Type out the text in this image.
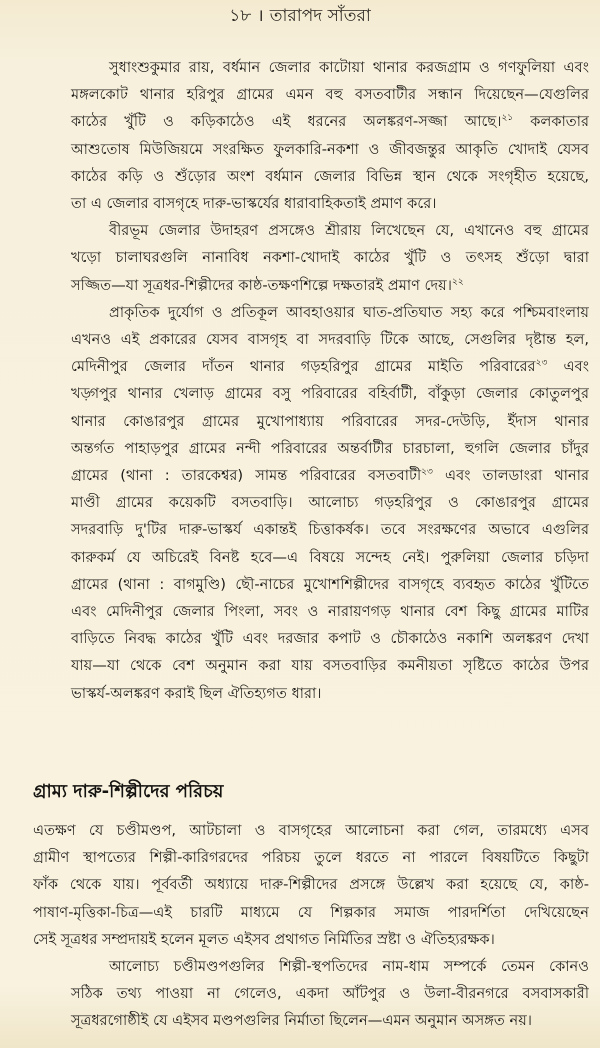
১৮ । তারাপদ সাঁতরা

সুধাংশুকুমার রায়, বর্ধমান জেলার কাটোয়া থানার করজগ্রাম ও গণফুলিয়া এবং
মঙ্গলকোট থানার হরিপুর গ্রামের এমন বহু বসতবাটীর সন্ধান দিয়েছেন—যেগুলির
কাঠের খুঁটি ও কড়িকাঠেও এই ধরনের অলঙ্করণ-সজ্জা আছে।$^{২১}$ কলকাতার
আশুতোষ মিউজিয়মে সংরক্ষিত ফুলকারি-নকশা ও জীবজন্তুর আকৃতি খোদাই যেসব
কাঠের কড়ি ও শুঁড়োর অংশ বর্ধমান জেলার বিভিন্ন স্থান থেকে সংগৃহীত হয়েছে,
তা এ জেলার বাসগৃহে দারু-ভাস্কর্যের ধারাবাহিকতাই প্রমাণ করে।

বীরভূম জেলার উদাহরণ প্রসঙ্গেও শ্রীরায় লিখেছেন যে, এখানেও বহু গ্রামের
খড়ো চালাঘরগুলি নানাবিধ নকশা-খোদাই কাঠের খুঁটি ও তৎসহ শুঁড়ো দ্বারা
সজ্জিত—যা সূত্রধর-শিল্পীদের কাষ্ঠ-তক্ষণশিল্পে দক্ষতারই প্রমাণ দেয়।$^{২২}$

প্রাকৃতিক দুর্যোগ ও প্রতিকূল আবহাওয়ার ঘাত-প্রতিঘাত সহ্য করে পশ্চিমবাংলায়
এখনও এই প্রকারের যেসব বাসগৃহ বা সদরবাড়ি টিকে আছে, সেগুলির দৃষ্টান্ত হল,
মেদিনীপুর জেলার দাঁতন থানার গড়হরিপুর গ্রামের মাইতি পরিবারের$^{২৩}$ এবং
খড়্গপুর থানার খেলাড় গ্রামের বসু পরিবারের বহির্বাটী, বাঁকুড়া জেলার কোতুলপুর
থানার কোঙারপুর গ্রামের মুখোপাধ্যায় পরিবারের সদর-দেউড়ি, ইঁদাস থানার
অন্তর্গত পাহাড়পুর গ্রামের নন্দী পরিবারের অন্তর্বাটীর চারচালা, হুগলি জেলার চাঁদুর
গ্রামের (থানা : তারকেশ্বর) সামন্ত পরিবারের বসতবাটী$^{২৩}$ এবং তালডাংরা থানার
মাণ্ডী গ্রামের কয়েকটি বসতবাড়ি। আলোচ্য গড়হরিপুর ও কোঙারপুর গ্রামের
সদরবাড়ি দু'টির দারু-ভাস্কর্য একান্তই চিত্তাকর্ষক। তবে সংরক্ষণের অভাবে এগুলির
কারুকর্ম যে অচিরেই বিনষ্ট হবে—এ বিষয়ে সন্দেহ নেই। পুরুলিয়া জেলার চড়িদা
গ্রামের (থানা : বাগমুণ্ডি) ছৌ-নাচের মুখোশশিল্পীদের বাসগৃহে ব্যবহৃত কাঠের খুঁটিতে
এবং মেদিনীপুর জেলার পিংলা, সবং ও নারায়ণগড় থানার বেশ কিছু গ্রামের মাটির
বাড়িতে নিবদ্ধ কাঠের খুঁটি এবং দরজার কপাট ও চৌকাঠেও নকাশি অলঙ্করণ দেখা
যায়—যা থেকে বেশ অনুমান করা যায় বসতবাড়ির কমনীয়তা সৃষ্টিতে কাঠের উপর
ভাস্কর্য-অলঙ্করণ করাই ছিল ঐতিহ্যগত ধারা।

গ্রাম্য দারু-শিল্পীদের পরিচয়

এতক্ষণ যে চণ্ডীমণ্ডপ, আটচালা ও বাসগৃহের আলোচনা করা গেল, তারমধ্যে এসব
গ্রামীণ স্থাপত্যের শিল্পী-কারিগরদের পরিচয় তুলে ধরতে না পারলে বিষয়টিতে কিছুটা
ফাঁক থেকে যায়। পূর্ববর্তী অধ্যায়ে দারু-শিল্পীদের প্রসঙ্গে উল্লেখ করা হয়েছে যে, কাষ্ঠ-
পাষাণ-মৃত্তিকা-চিত্র—এই চারটি মাধ্যমে যে শিল্পকার সমাজ পারদর্শিতা দেখিয়েছেন
সেই সূত্রধর সম্প্রদায়ই হলেন মূলত এইসব প্রথাগত নির্মিতির স্রষ্টা ও ঐতিহ্যরক্ষক।

আলোচ্য চণ্ডীমণ্ডপগুলির শিল্পী-স্থপতিদের নাম-ধাম সম্পর্কে তেমন কোনও
সঠিক তথ্য পাওয়া না গেলেও, একদা আঁটপুর ও উলা-বীরনগরে বসবাসকারী
সূত্রধরগোষ্ঠীই যে এইসব মণ্ডপগুলির নির্মাতা ছিলেন—এমন অনুমান অসঙ্গত নয়।
